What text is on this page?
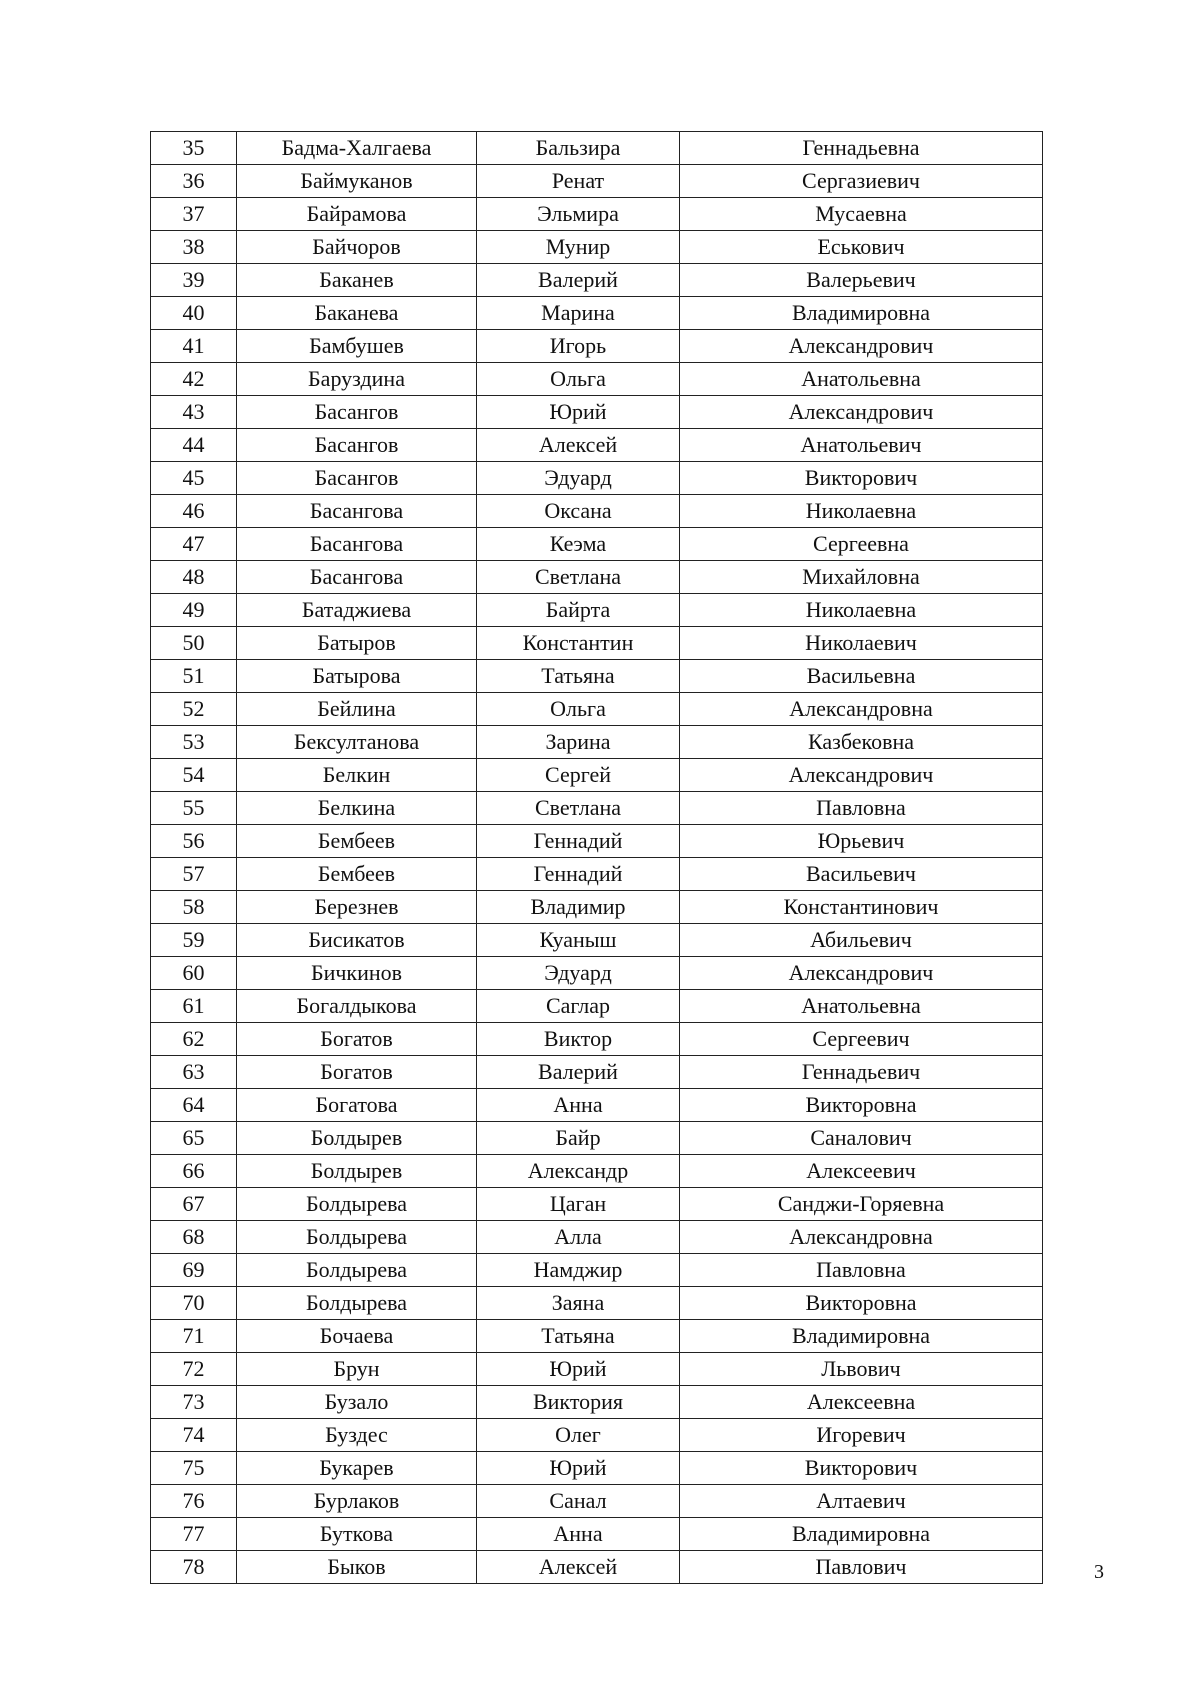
35	Бадма-Халгаева	Бальзира	Геннадьевна
36	Баймуканов	Ренат	Сергазиевич
37	Байрамова	Эльмира	Мусаевна
38	Байчоров	Мунир	Еськович
39	Баканев	Валерий	Валерьевич
40	Баканева	Марина	Владимировна
41	Бамбушев	Игорь	Александрович
42	Баруздина	Ольга	Анатольевна
43	Басангов	Юрий	Александрович
44	Басангов	Алексей	Анатольевич
45	Басангов	Эдуард	Викторович
46	Басангова	Оксана	Николаевна
47	Басангова	Кеэма	Сергеевна
48	Басангова	Светлана	Михайловна
49	Батаджиева	Байрта	Николаевна
50	Батыров	Константин	Николаевич
51	Батырова	Татьяна	Васильевна
52	Бейлина	Ольга	Александровна
53	Бексултанова	Зарина	Казбековна
54	Белкин	Сергей	Александрович
55	Белкина	Светлана	Павловна
56	Бембеев	Геннадий	Юрьевич
57	Бембеев	Геннадий	Васильевич
58	Березнев	Владимир	Константинович
59	Бисикатов	Куаныш	Абильевич
60	Бичкинов	Эдуард	Александрович
61	Богалдыкова	Саглар	Анатольевна
62	Богатов	Виктор	Сергеевич
63	Богатов	Валерий	Геннадьевич
64	Богатова	Анна	Викторовна
65	Болдырев	Байр	Саналович
66	Болдырев	Александр	Алексеевич
67	Болдырева	Цаган	Санджи-Горяевна
68	Болдырева	Алла	Александровна
69	Болдырева	Намджир	Павловна
70	Болдырева	Заяна	Викторовна
71	Бочаева	Татьяна	Владимировна
72	Брун	Юрий	Львович
73	Бузало	Виктория	Алексеевна
74	Буздес	Олег	Игоревич
75	Букарев	Юрий	Викторович
76	Бурлаков	Санал	Алтаевич
77	Буткова	Анна	Владимировна
78	Быков	Алексей	Павлович	3
